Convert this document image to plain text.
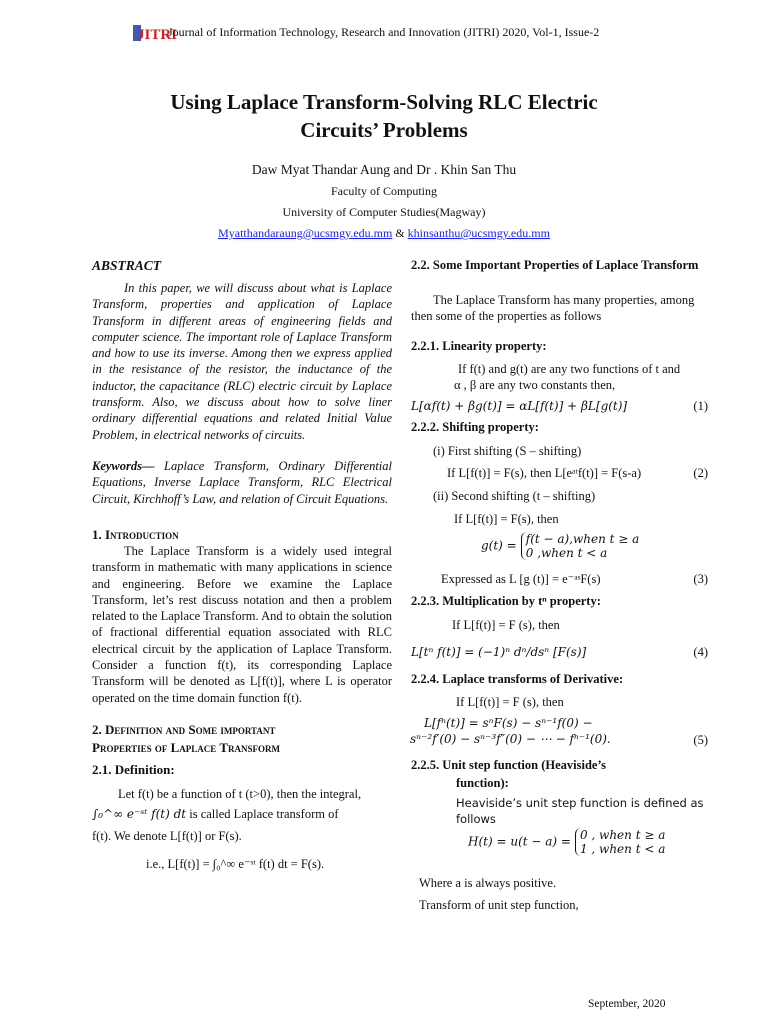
JITRI
Journal of Information Technology, Research and Innovation (JITRI) 2020, Vol-1, Issue-2
Using Laplace Transform-Solving RLC Electric
Circuits’ Problems
Daw Myat Thandar Aung and Dr . Khin San Thu
Faculty of Computing
University of Computer Studies(Magway)
Myatthandaraung@ucsmgy.edu.mm & khinsanthu@ucsmgy.edu.mm
ABSTRACT
In this paper, we will discuss about what is Laplace Transform, properties and application of Laplace Transform in different areas of engineering fields and computer science. The important role of Laplace Transform and how to use its inverse. Among then we express applied in the resistance of the resistor, the inductance of the inductor, the capacitance (RLC) electric circuit by Laplace transform. Also, we discuss about how to solve liner ordinary differential equations and related Initial Value Problem, in electrical networks of circuits.
Keywords— Laplace Transform, Ordinary Differential Equations, Inverse Laplace Transform, RLC Electrical Circuit, Kirchhoff’s Law, and relation of Circuit Equations.
1. Introduction
The Laplace Transform is a widely used integral transform in mathematic with many applications in science and engineering. Before we examine the Laplace Transform, let’s rest discuss notation and then a problem related to the Laplace Transform. And to obtain the solution of fractional differential equation associated with RLC electrical circuit by the application of Laplace Transform. Consider a function f(t), its corresponding Laplace Transform will be denoted as L[f(t)], where L is operator operated on the time domain function f(t).
2. Definition and Some important
Properties of Laplace Transform
2.1. Definition:
Let f(t) be a function of t (t>0), then the integral,
∫₀^∞ e⁻ˢᵗ f(t) dt is called Laplace transform of
f(t). We denote L[f(t)] or F(s).
i.e., L[f(t)] = ∫₀^∞ e⁻ˢᵗ f(t) dt = F(s).
2.2. Some Important Properties of Laplace Transform
The Laplace Transform has many properties, among then some of the properties as follows
2.2.1. Linearity property:
If f(t) and g(t) are any two functions of t and
α , β are any two constants then,
L[αf(t) + βg(t)] = αL[f(t)] + βL[g(t)]	(1)
2.2.2. Shifting property:
(i) First shifting (S – shifting)
If L[f(t)] = F(s), then L[eᵃᵗf(t)] = F(s-a)	(2)
(ii) Second shifting (t – shifting)
If L[f(t)] = F(s), then
g(t) = f(t − a),when t ≥ a
0 ,when t < a
Expressed as L [g (t)] = e⁻ᵃˢF(s)	(3)
2.2.3. Multiplication by tⁿ property:
If L[f(t)] = F (s), then
L[tⁿ f(t)] = (−1)ⁿ dⁿ/dsⁿ [F(s)]	(4)
2.2.4. Laplace transforms of Derivative:
If L[f(t)] = F (s), then
L[fⁿ(t)] = sⁿF(s) − sⁿ⁻¹f(0) −
sⁿ⁻²f′(0) − sⁿ⁻³f″(0) − ⋯ − fⁿ⁻¹(0).	(5)
2.2.5. Unit step function (Heaviside’s
function):
Heaviside’s unit step function is defined as follows
H(t) = u(t − a) = 0 , when t ≥ a
1 , when t < a
Where a is always positive.
Transform of unit step function,
September, 2020
